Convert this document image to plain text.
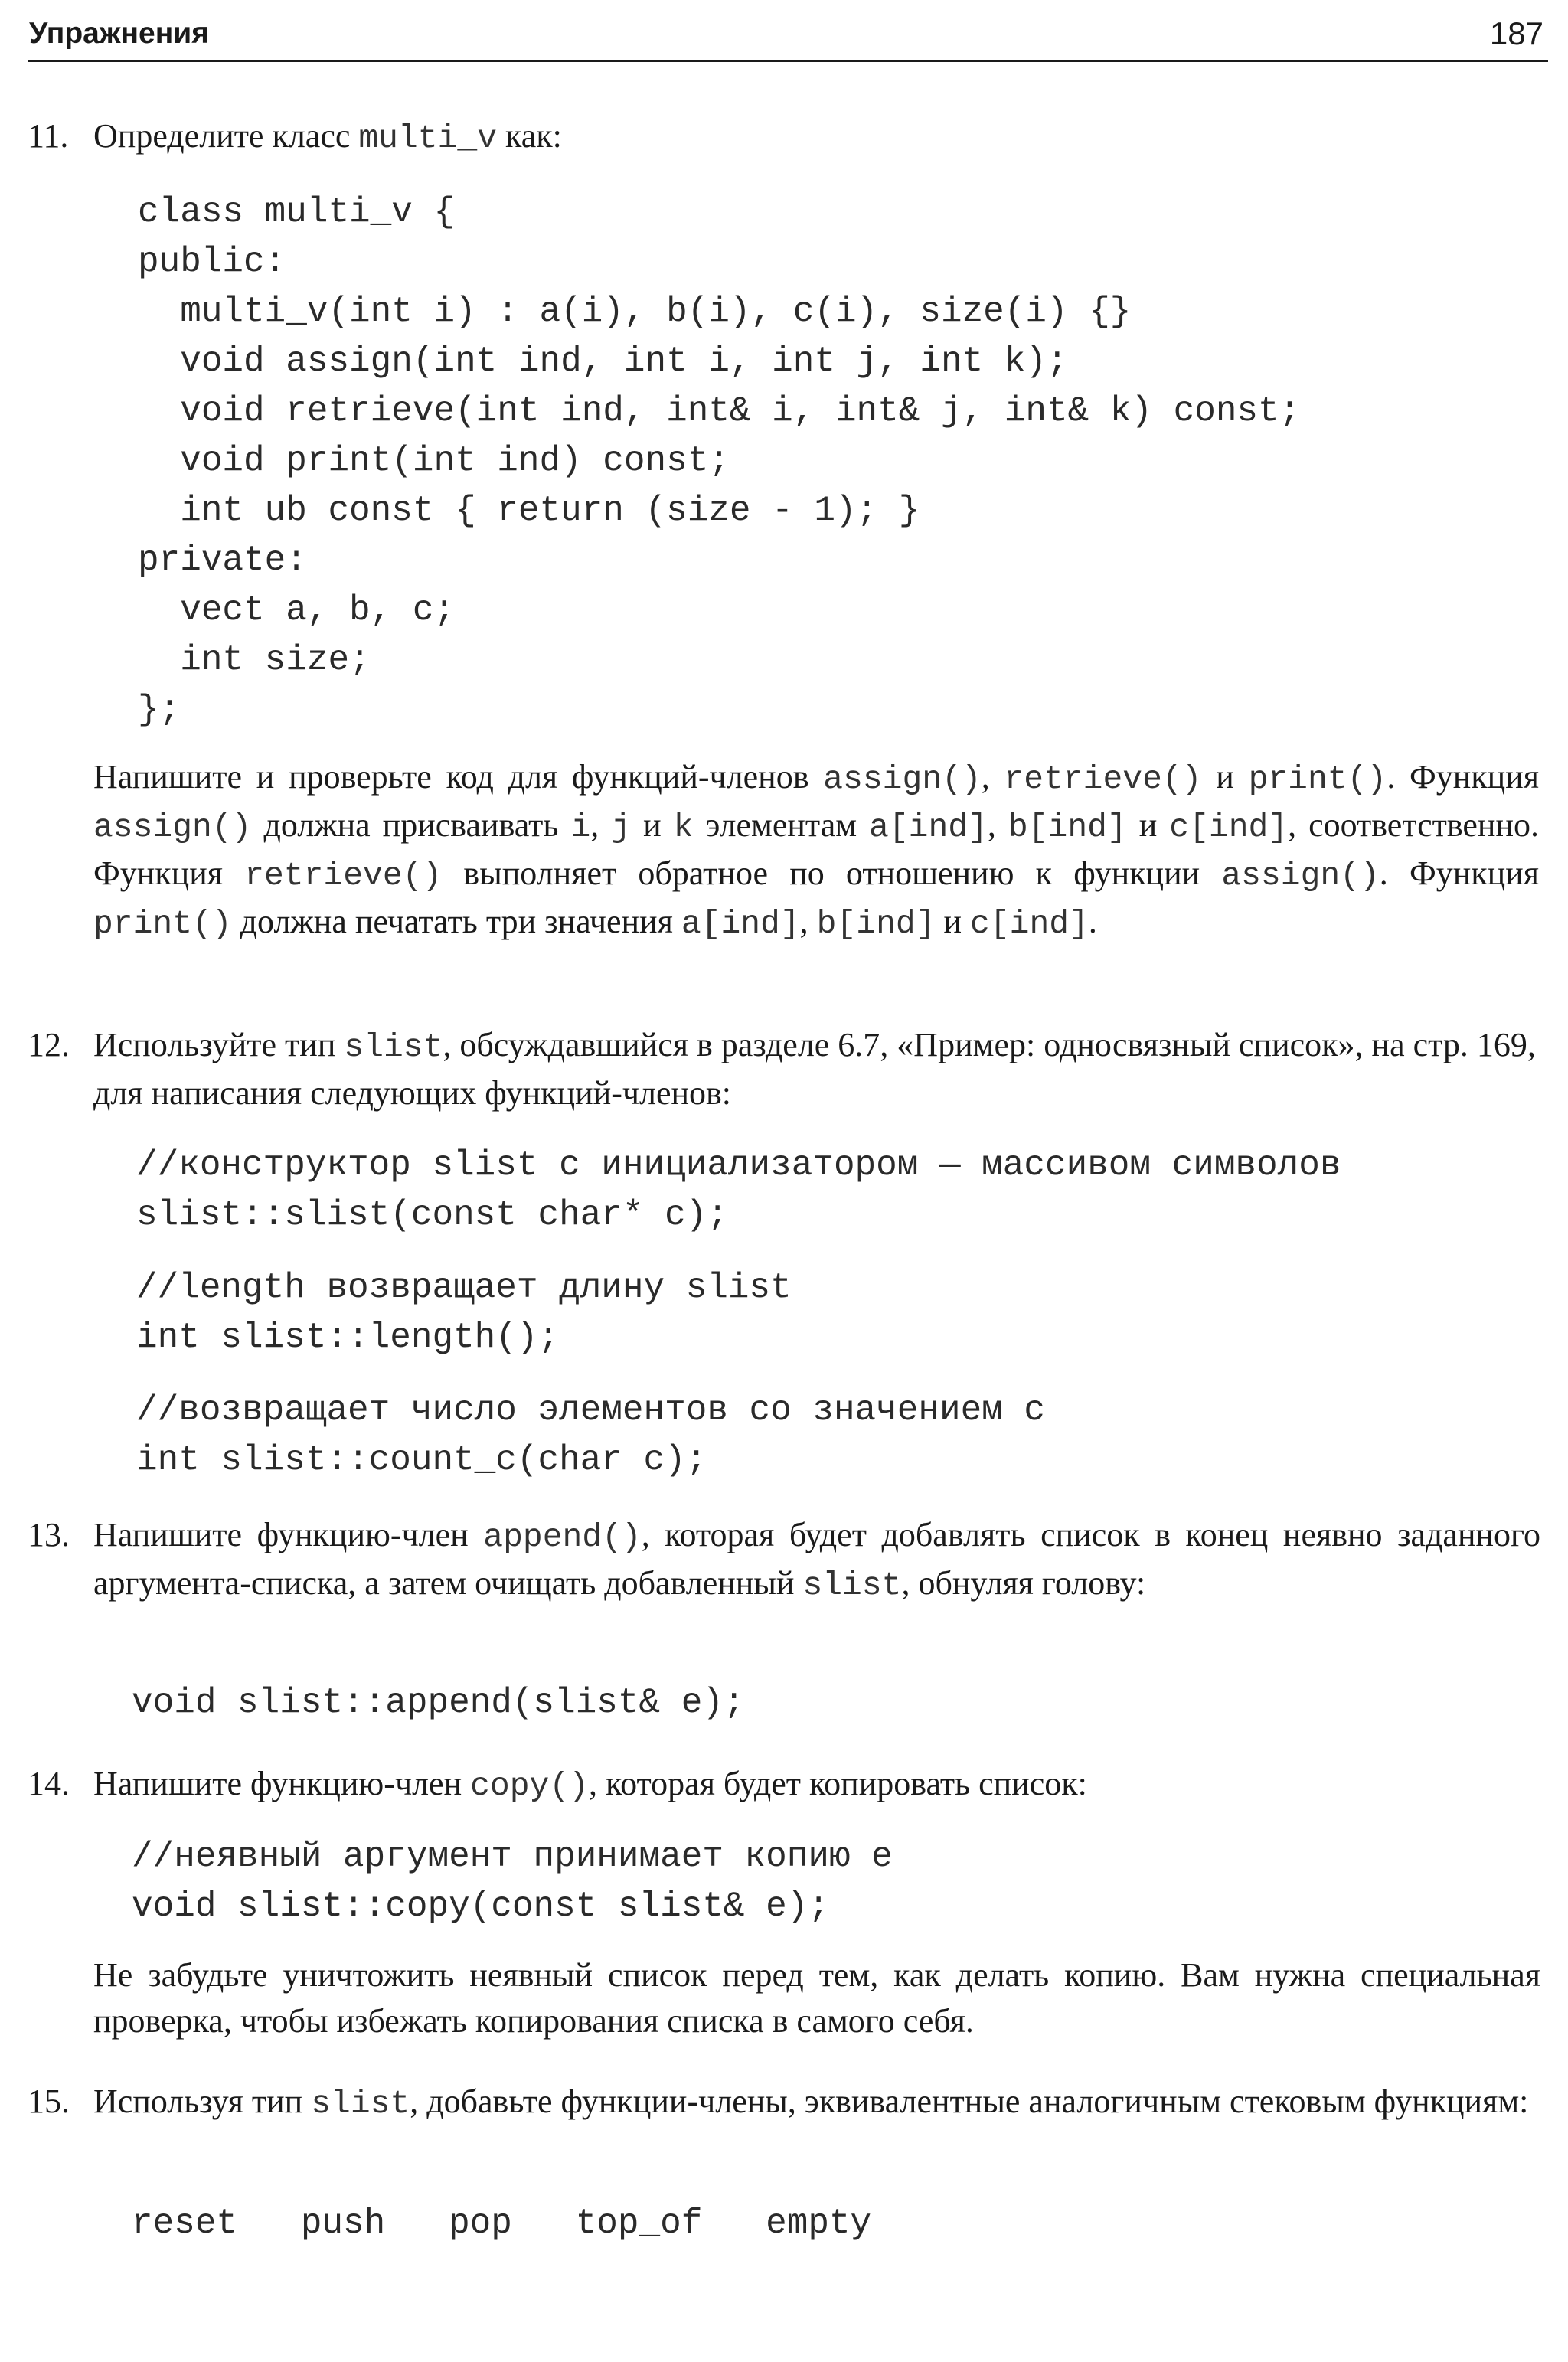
Упражнения	187
11. Определите класс multi_v как:
class multi_v {
public:
multi_v(int i) : a(i), b(i), c(i), size(i) {}
void assign(int ind, int i, int j, int k);
void retrieve(int ind, int& i, int& j, int& k) const;
void print(int ind) const;
int ub const { return (size - 1); }
private:
vect a, b, c;
int size;
};
Напишите и проверьте код для функций-членов assign(), retrieve() и print(). Функция assign() должна присваивать i, j и k элементам a[ind], b[ind] и c[ind], соответственно. Функция retrieve() выполняет обратное по отношению к функции assign(). Функция print() должна печатать три значения a[ind], b[ind] и c[ind].
12. Используйте тип slist, обсуждавшийся в разделе 6.7, «Пример: односвязный список», на стр. 169, для написания следующих функций-членов:
//конструктор slist с инициализатором — массивом символов
slist::slist(const char* c);
//length возвращает длину slist
int slist::length();
//возвращает число элементов со значением c
int slist::count_c(char c);
13. Напишите функцию-член append(), которая будет добавлять список в конец неявно заданного аргумента-списка, а затем очищать добавленный slist, обнуляя голову:
void slist::append(slist& e);
14. Напишите функцию-член copy(), которая будет копировать список:
//неявный аргумент принимает копию e
void slist::copy(const slist& e);
Не забудьте уничтожить неявный список перед тем, как делать копию. Вам нужна специальная проверка, чтобы избежать копирования списка в самого себя.
15. Используя тип slist, добавьте функции-члены, эквивалентные аналогичным стековым функциям:
reset   push   pop   top_of   empty
